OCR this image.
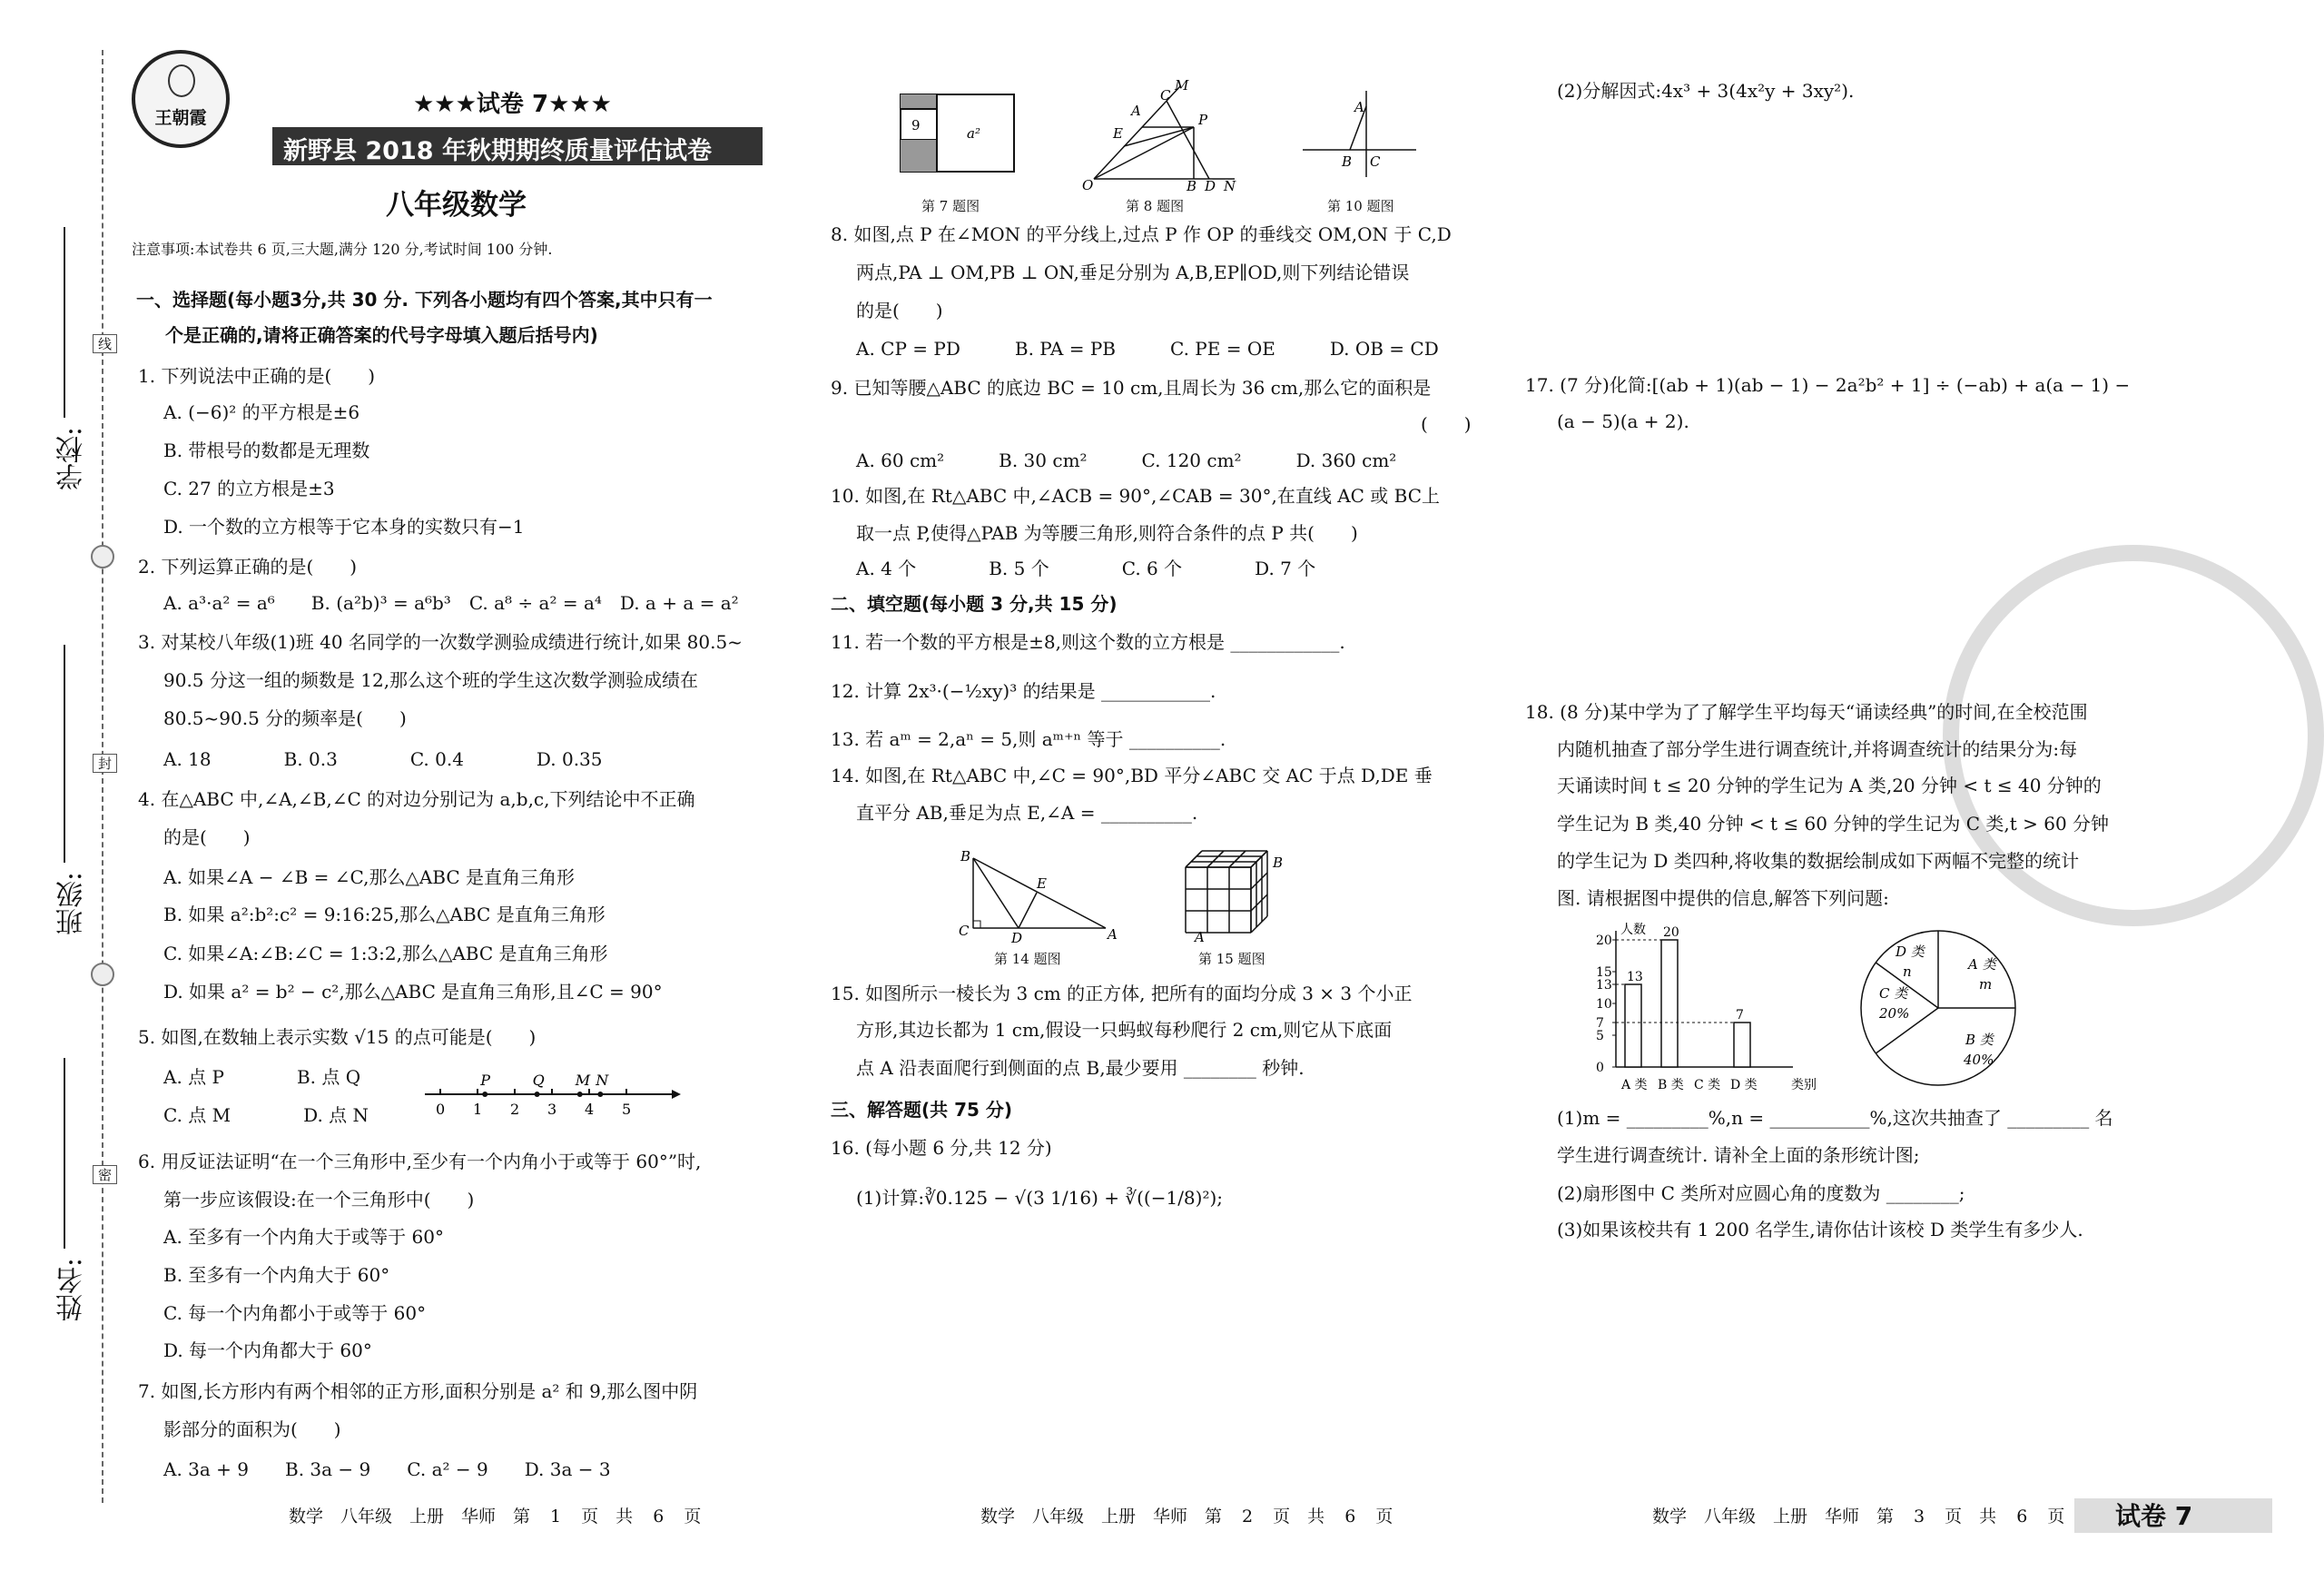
学校:
班级:
姓名:
线
封
密
王朝霞	★★★试卷 7★★★
新野县 2018 年秋期期终质量评估试卷
八年级数学
注意事项:本试卷共 6 页,三大题,满分 120 分,考试时间 100 分钟.
一、选择题(每小题3分,共 30 分. 下列各小题均有四个答案,其中只有一
个是正确的,请将正确答案的代号字母填入题后括号内)
1. 下列说法中正确的是(　　)
A. (−6)² 的平方根是±6
B. 带根号的数都是无理数
C. 27 的立方根是±3
D. 一个数的立方根等于它本身的实数只有−1
2. 下列运算正确的是(　　)
A. a³·a² = a⁶　　B. (a²b)³ = a⁶b³　C. a⁸ ÷ a² = a⁴　D. a + a = a²
3. 对某校八年级(1)班 40 名同学的一次数学测验成绩进行统计,如果 80.5~
90.5 分这一组的频数是 12,那么这个班的学生这次数学测验成绩在
80.5~90.5 分的频率是(　　)
A. 18　　　　B. 0.3　　　　C. 0.4　　　　D. 0.35
4. 在△ABC 中,∠A,∠B,∠C 的对边分别记为 a,b,c,下列结论中不正确
的是(　　)
A. 如果∠A − ∠B = ∠C,那么△ABC 是直角三角形
B. 如果 a²:b²:c² = 9:16:25,那么△ABC 是直角三角形
C. 如果∠A:∠B:∠C = 1:3:2,那么△ABC 是直角三角形
D. 如果 a² = b² − c²,那么△ABC 是直角三角形,且∠C = 90°
5. 如图,在数轴上表示实数 √15 的点可能是(　　)
A. 点 P　　　　B. 点 Q
C. 点 M　　　　D. 点 N
6. 用反证法证明“在一个三角形中,至少有一个内角小于或等于 60°”时,
第一步应该假设:在一个三角形中(　　)
A. 至多有一个内角大于或等于 60°
B. 至多有一个内角大于 60°
C. 每一个内角都小于或等于 60°
D. 每一个内角都大于 60°
7. 如图,长方形内有两个相邻的正方形,面积分别是 a² 和 9,那么图中阴
影部分的面积为(　　)
A. 3a + 9　　B. 3a − 9　　C. a² − 9　　D. 3a − 3
0 1 2 3 4 5
P	Q M N
9	a²
第 7 题图
M
C
P
E
A
O	B D N
第 8 题图
A
B C
第 10 题图
8. 如图,点 P 在∠MON 的平分线上,过点 P 作 OP 的垂线交 OM,ON 于 C,D
两点,PA ⊥ OM,PB ⊥ ON,垂足分别为 A,B,EP∥OD,则下列结论错误
的是(　　)
A. CP = PD　　　B. PA = PB　　　C. PE = OE　　　D. OB = CD
9. 已知等腰△ABC 的底边 BC = 10 cm,且周长为 36 cm,那么它的面积是
(　　)
A. 60 cm²　　　B. 30 cm²　　　C. 120 cm²　　　D. 360 cm²
10. 如图,在 Rt△ABC 中,∠ACB = 90°,∠CAB = 30°,在直线 AC 或 BC上
取一点 P,使得△PAB 为等腰三角形,则符合条件的点 P 共(　　)
A. 4 个　　　　B. 5 个　　　　C. 6 个　　　　D. 7 个
二、填空题(每小题 3 分,共 15 分)
11. 若一个数的平方根是±8,则这个数的立方根是 ____________.
12. 计算 2x³·(−½xy)³ 的结果是 ____________.
13. 若 aᵐ = 2,aⁿ = 5,则 aᵐ⁺ⁿ 等于 __________.
14. 如图,在 Rt△ABC 中,∠C = 90°,BD 平分∠ABC 交 AC 于点 D,DE 垂
直平分 AB,垂足为点 E,∠A = __________.
15. 如图所示一棱长为 3 cm 的正方体, 把所有的面均分成 3 × 3 个小正
方形,其边长都为 1 cm,假设一只蚂蚁每秒爬行 2 cm,则它从下底面
点 A 沿表面爬行到侧面的点 B,最少要用 ________ 秒钟.
三、解答题(共 75 分)
16. (每小题 6 分,共 12 分)
(1)计算:∛0.125 − √(3 1/16) + ∛((−1/8)²);
B
E
C	D	A
第 14 题图
B
A
第 15 题图
(2)分解因式:4x³ + 3(4x²y + 3xy²).
17. (7 分)化简:[(ab + 1)(ab − 1) − 2a²b² + 1] ÷ (−ab) + a(a − 1) −
(a − 5)(a + 2).
18. (8 分)某中学为了了解学生平均每天“诵读经典”的时间,在全校范围
内随机抽查了部分学生进行调查统计,并将调查统计的结果分为:每
天诵读时间 t ≤ 20 分钟的学生记为 A 类,20 分钟 < t ≤ 40 分钟的
学生记为 B 类,40 分钟 < t ≤ 60 分钟的学生记为 C 类,t > 60 分钟
的学生记为 D 类四种,将收集的数据绘制成如下两幅不完整的统计
图. 请根据图中提供的信息,解答下列问题:
人数
类别
0
5
7
10
13
15
20
A 类
13
B 类
20
C 类 D 类
7
A 类
m
B 类
40%
C 类
20%
D 类
n
(1)m = _________%,n = ___________%,这次共抽查了 _________ 名
学生进行调查统计. 请补全上面的条形统计图;
(2)扇形图中 C 类所对应圆心角的度数为 ________;
(3)如果该校共有 1 200 名学生,请你估计该校 D 类学生有多少人.
数学　八年级　上册　华师　第 1 页　共 6 页	数学　八年级　上册　华师　第 2 页　共 6 页	数学　八年级　上册　华师　第 3 页　共 6 页 试卷 7
